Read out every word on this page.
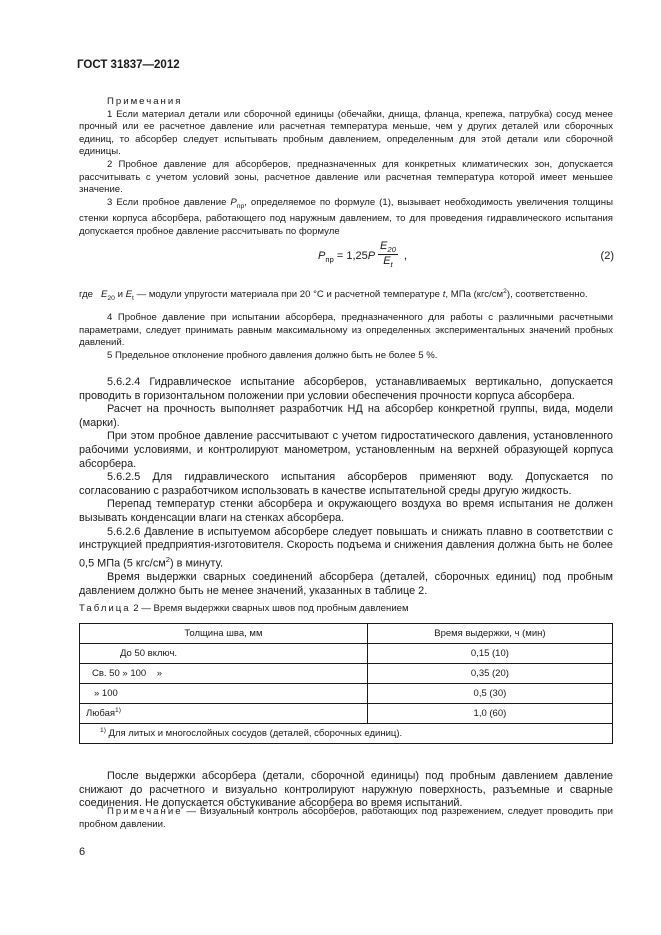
ГОСТ 31837—2012

Примечания

1 Если материал детали или сборочной единицы (обечайки, днища, фланца, крепежа, патрубка) сосуд менее прочный или ее расчетное давление или расчетная температура меньше, чем у других деталей или сборочных единиц, то абсорбер следует испытывать пробным давлением, определенным для этой детали или сборочной единицы.

2 Пробное давление для абсорберов, предназначенных для конкретных климатических зон, допускается рассчитывать с учетом условий зоны, расчетное давление или расчетная температура которой имеет меньшее значение.

3 Если пробное давление $P_{пр}$, определяемое по формуле (1), вызывает необходимость увеличения толщины стенки корпуса абсорбера, работающего под наружным давлением, то для проведения гидравлического испытания допускается пробное давление рассчитывать по формуле

$P_{пр} = 1,25P \frac{E_{20}}{E_t}$ ,	(2)

где $E_{20}$ и $E_t$ — модули упругости материала при 20 °С и расчетной температуре t, МПа $(кгс/см^2)$, соответственно.

4 Пробное давление при испытании абсорбера, предназначенного для работы с различными расчетными параметрами, следует принимать равным максимальному из определенных экспериментальных значений пробных давлений.

5 Предельное отклонение пробного давления должно быть не более 5 %.

5.6.2.4 Гидравлическое испытание абсорберов, устанавливаемых вертикально, допускается проводить в горизонтальном положении при условии обеспечения прочности корпуса абсорбера.

Расчет на прочность выполняет разработчик НД на абсорбер конкретной группы, вида, модели (марки).

При этом пробное давление рассчитывают с учетом гидростатического давления, установленного рабочими условиями, и контролируют манометром, установленным на верхней образующей корпуса абсорбера.

5.6.2.5 Для гидравлического испытания абсорберов применяют воду. Допускается по согласованию с разработчиком использовать в качестве испытательной среды другую жидкость.

Перепад температур стенки абсорбера и окружающего воздуха во время испытания не должен вызывать конденсации влаги на стенках абсорбера.

5.6.2.6 Давление в испытуемом абсорбере следует повышать и снижать плавно в соответствии с инструкцией предприятия-изготовителя. Скорость подъема и снижения давления должна быть не более 0,5 МПа (5 кгс/$см^2$) в минуту.

Время выдержки сварных соединений абсорбера (деталей, сборочных единиц) под пробным давлением должно быть не менее значений, указанных в таблице 2.

Таблица 2 — Время выдержки сварных швов под пробным давлением
Толщина шва, мм	Время выдержки, ч (мин)
До 50 включ.	0,15 (10)
Св. 50 » 100    »	0,35 (20)
» 100	0,5 (30)
Любая$^{1)}$	1,0 (60)
$^{1)}$ Для литых и многослойных сосудов (деталей, сборочных единиц).	

После выдержки абсорбера (детали, сборочной единицы) под пробным давлением давление снижают до расчетного и визуально контролируют наружную поверхность, разъемные и сварные соединения. Не допускается обстукивание абсорбера во время испытаний.

Примечание — Визуальный контроль абсорберов, работающих под разрежением, следует проводить при пробном давлении.

6
